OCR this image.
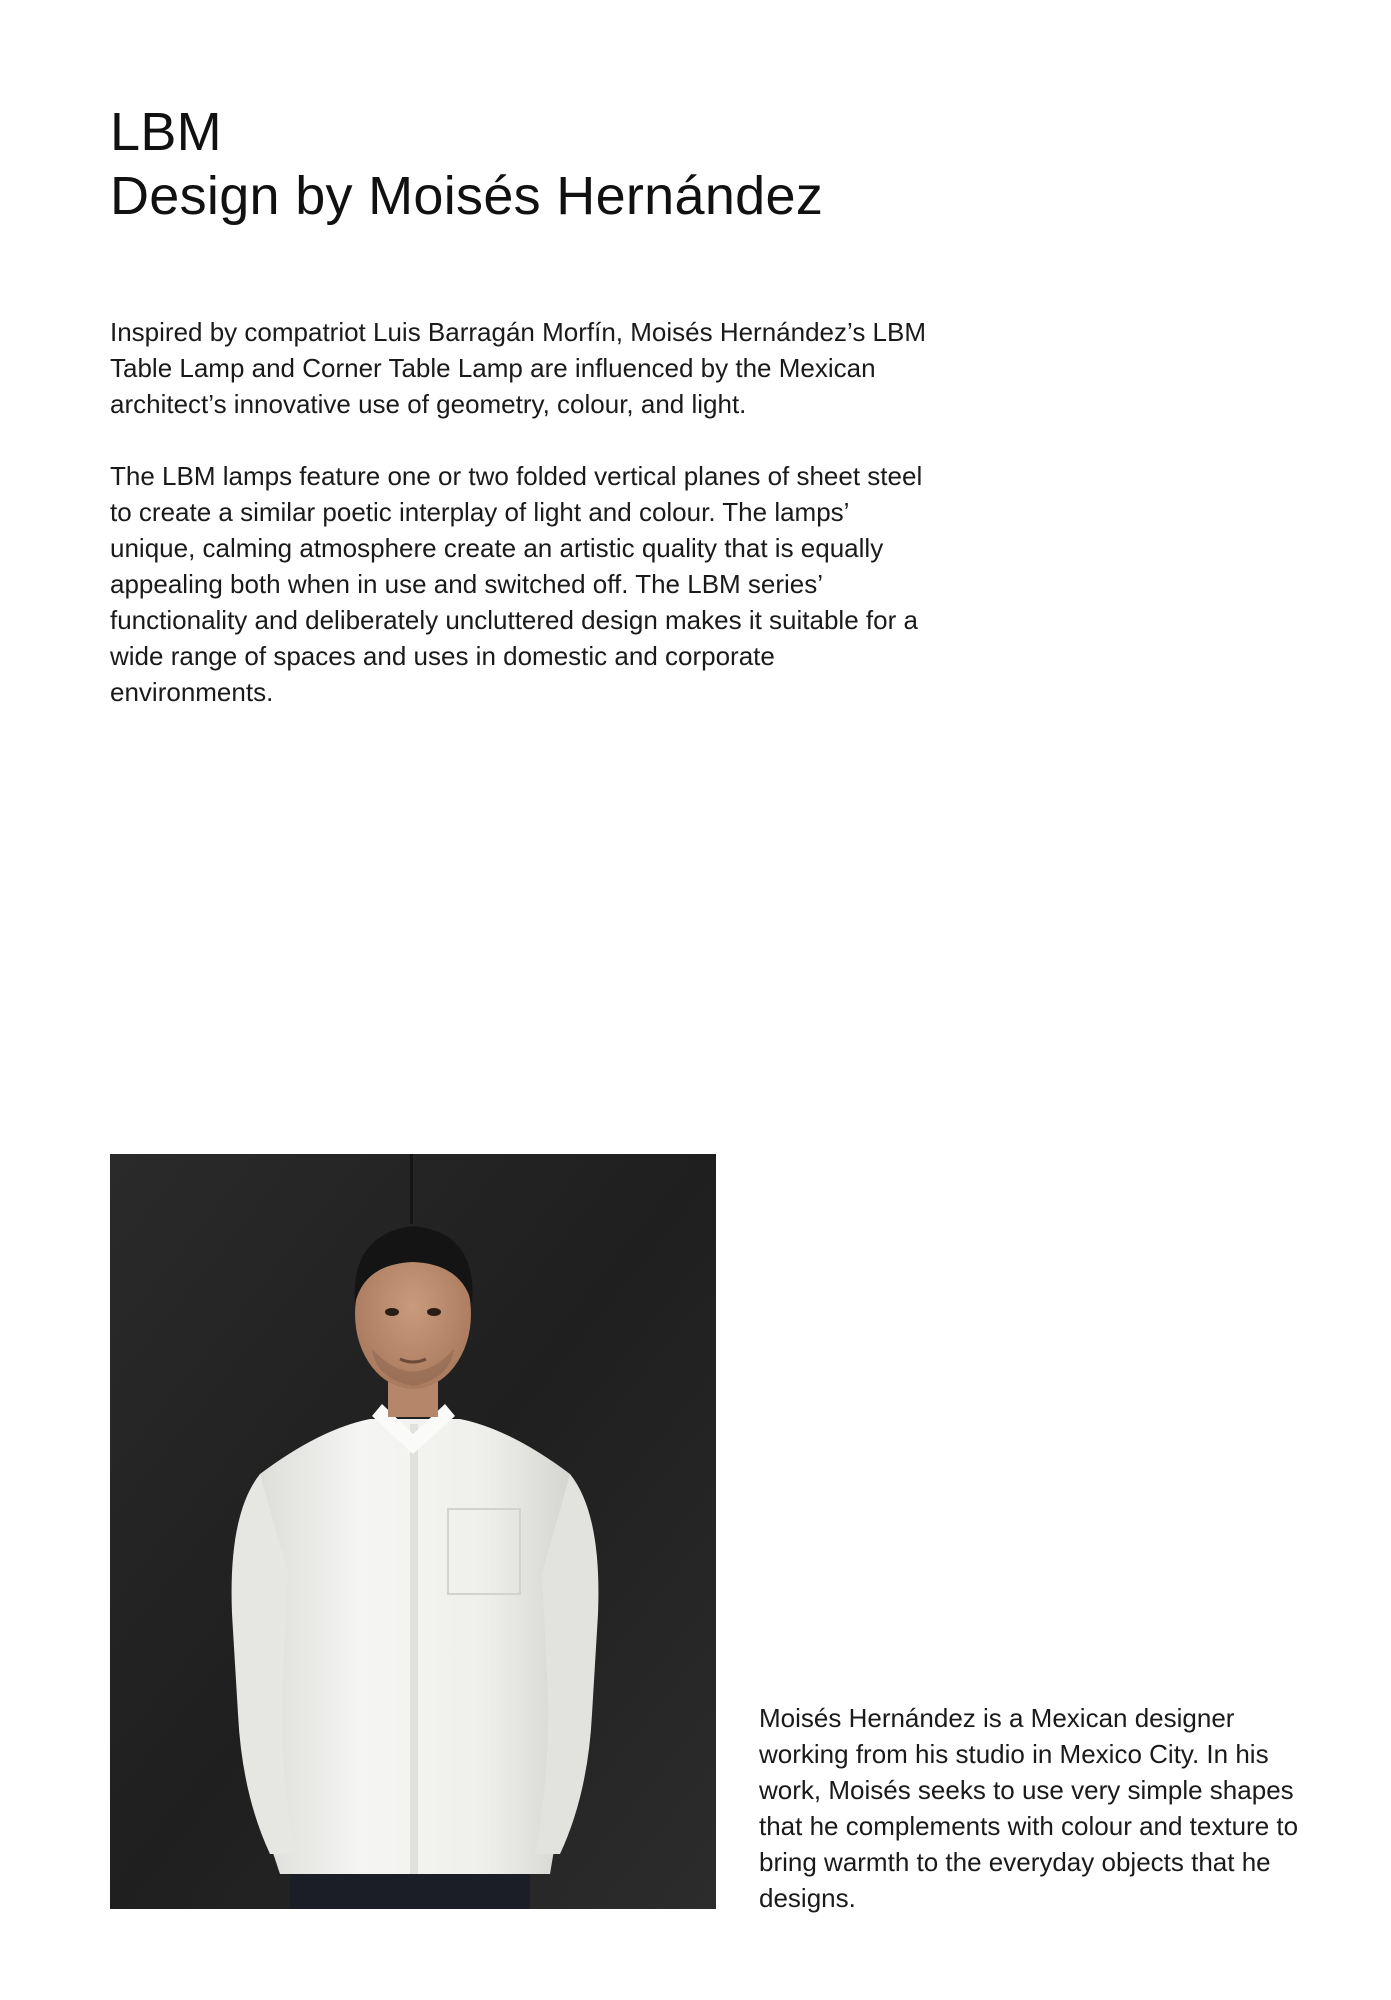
LBM
Design by Moisés Hernández

Inspired by compatriot Luis Barragán Morfín, Moisés Hernández’s LBM Table Lamp and Corner Table Lamp are influenced by the Mexican architect’s innovative use of geometry, colour, and light.

The LBM lamps feature one or two folded vertical planes of sheet steel to create a similar poetic interplay of light and colour. The lamps’ unique, calming atmosphere create an artistic quality that is equally appealing both when in use and switched off. The LBM series’ functionality and deliberately uncluttered design makes it suitable for a wide range of spaces and uses in domestic and corporate environments.

Moisés Hernández is a Mexican designer working from his studio in Mexico City. In his work, Moisés seeks to use very simple shapes that he complements with colour and texture to bring warmth to the everyday objects that he designs.
